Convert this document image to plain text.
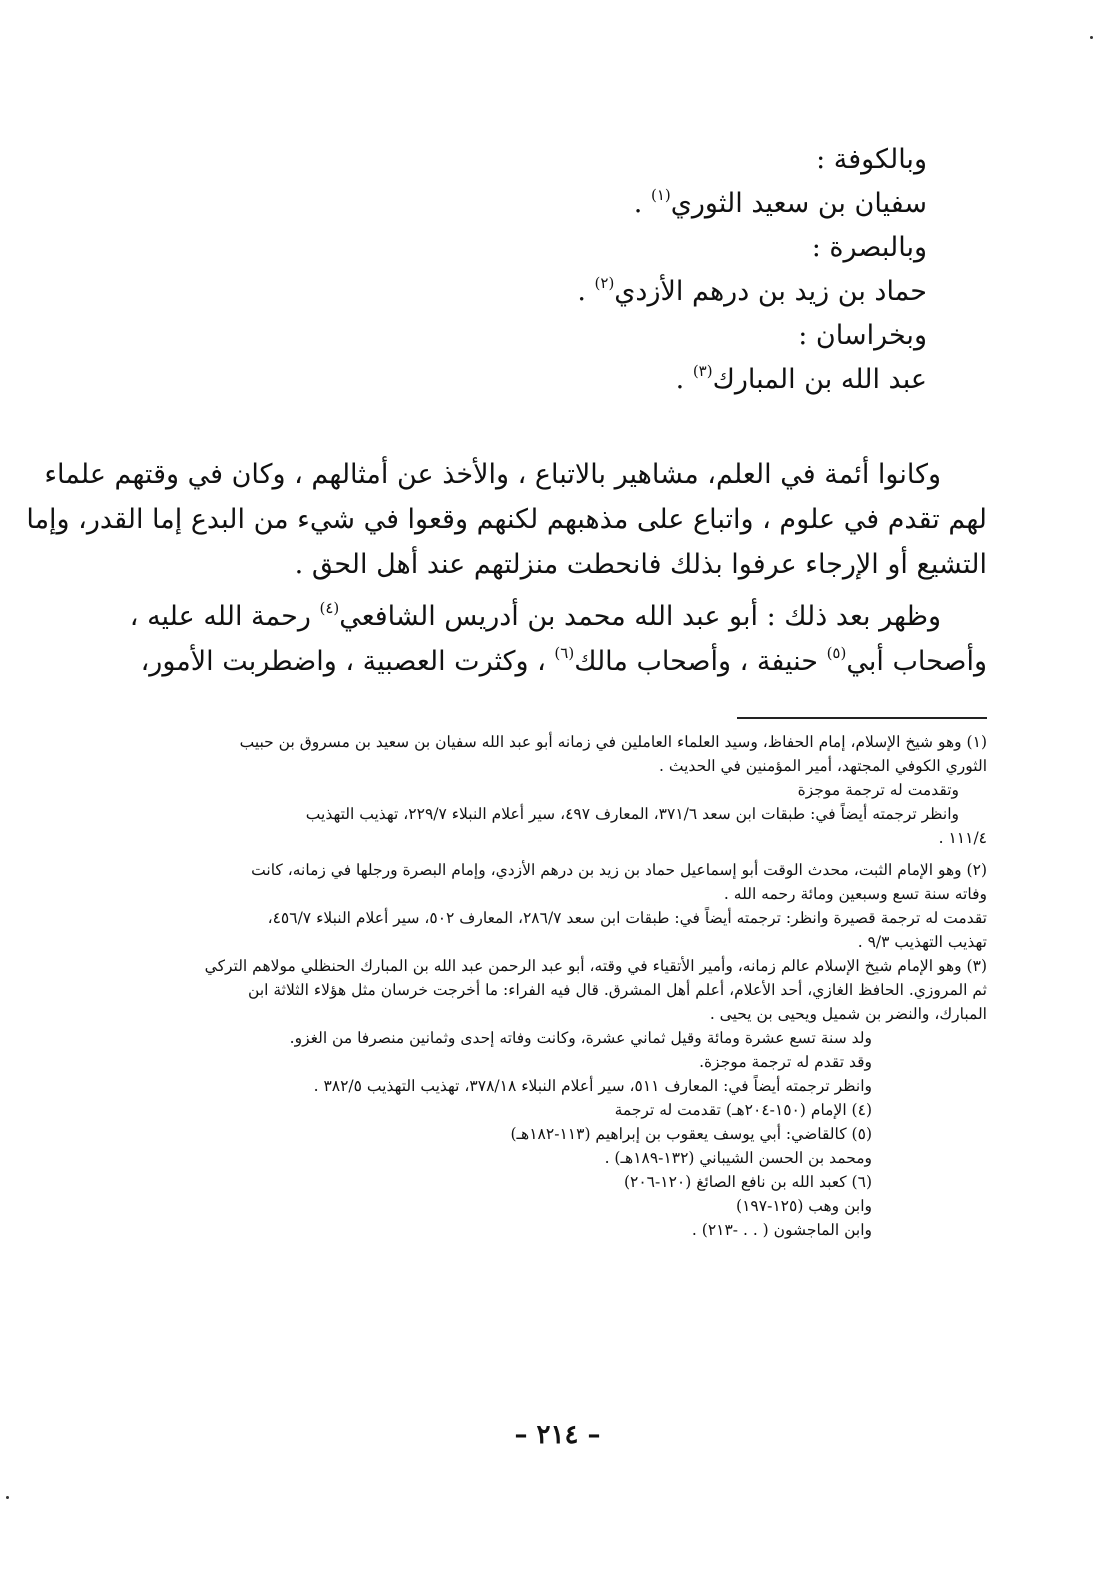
وبالكوفة :
سفيان بن سعيد الثوري$^{(١)}$ .
وبالبصرة :
حماد بن زيد بن درهم الأزدي$^{(٢)}$ .
وبخراسان :
عبد الله بن المبارك$^{(٣)}$ .
وكانوا أئمة في العلم، مشاهير بالاتباع ، والأخذ عن أمثالهم ، وكان في وقتهم علماء
لهم تقدم في علوم ، واتباع على مذهبهم لكنهم وقعوا في شيء من البدع إما القدر، وإما
التشيع أو الإرجاء عرفوا بذلك فانحطت منزلتهم عند أهل الحق .
وظهر بعد ذلك : أبو عبد الله محمد بن أدريس الشافعي$^{(٤)}$ رحمة الله عليه ،
وأصحاب أبي$^{(٥)}$ حنيفة ، وأصحاب مالك$^{(٦)}$ ، وكثرت العصبية ، واضطربت الأمور،
(١) وهو شيخ الإسلام، إمام الحفاظ، وسيد العلماء العاملين في زمانه أبو عبد الله سفيان بن سعيد بن مسروق بن حبيب
الثوري الكوفي المجتهد، أمير المؤمنين في الحديث .
وتقدمت له ترجمة موجزة
وانظر ترجمته أيضاً في: طبقات ابن سعد ٣٧١/٦، المعارف ٤٩٧، سير أعلام النبلاء ٢٢٩/٧، تهذيب التهذيب
١١١/٤ .
(٢) وهو الإمام الثبت، محدث الوقت أبو إسماعيل حماد بن زيد بن درهم الأزدي، وإمام البصرة ورجلها في زمانه، كانت
وفاته سنة تسع وسبعين ومائة رحمه الله .
تقدمت له ترجمة قصيرة وانظر: ترجمته أيضاً في: طبقات ابن سعد ٢٨٦/٧، المعارف ٥٠٢، سير أعلام النبلاء ٤٥٦/٧،
تهذيب التهذيب ٩/٣ .
(٣) وهو الإمام شيخ الإسلام عالم زمانه، وأمير الأتقياء في وقته، أبو عبد الرحمن عبد الله بن المبارك الحنظلي مولاهم التركي
ثم المروزي. الحافظ الغازي، أحد الأعلام، أعلم أهل المشرق. قال فيه الفراء: ما أخرجت خرسان مثل هؤلاء الثلاثة ابن
المبارك، والنضر بن شميل ويحيى بن يحيى .
ولد سنة تسع عشرة ومائة وقيل ثماني عشرة، وكانت وفاته إحدى وثمانين منصرفا من الغزو.
وقد تقدم له ترجمة موجزة.
وانظر ترجمته أيضاً في: المعارف ٥١١، سير أعلام النبلاء ٣٧٨/١٨، تهذيب التهذيب ٣٨٢/٥ .
(٤) الإمام (١٥٠-٢٠٤هـ) تقدمت له ترجمة
(٥) كالقاضي: أبي يوسف يعقوب بن إبراهيم (١١٣-١٨٢هـ)
ومحمد بن الحسن الشيباني (١٣٢-١٨٩هـ) .
(٦) كعبد الله بن نافع الصائغ (١٢٠-٢٠٦)
وابن وهب (١٢٥-١٩٧)
وابن الماجشون ( . . -٢١٣) .
– ٢١٤ –
